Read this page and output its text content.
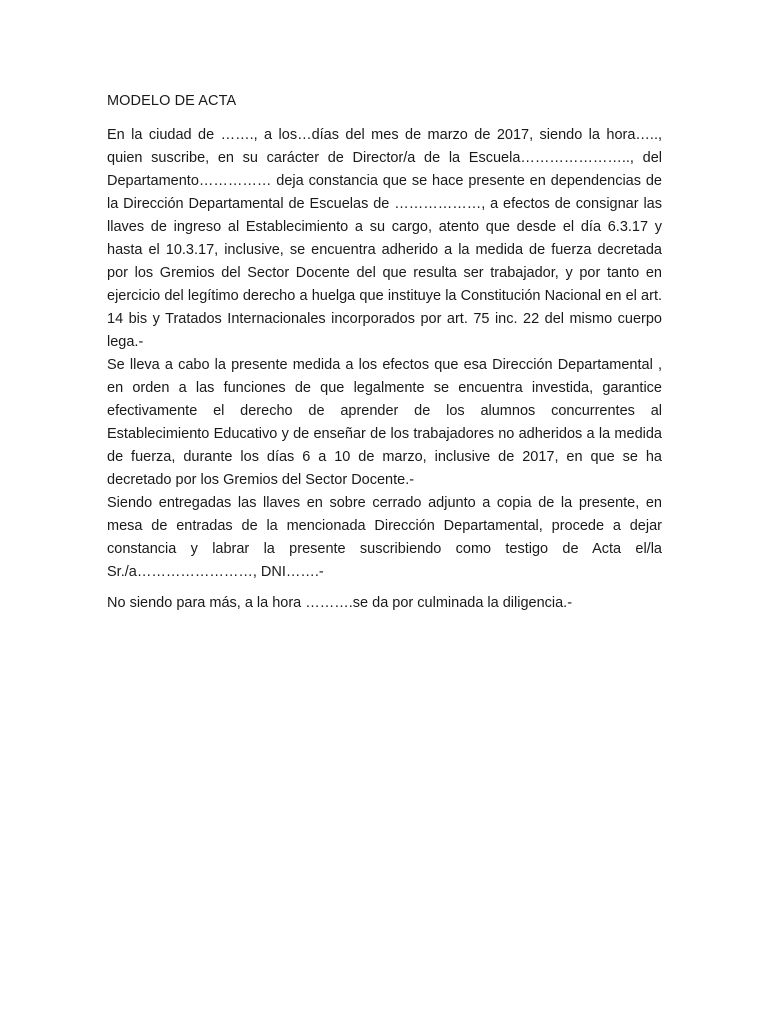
MODELO DE ACTA

En la ciudad de ……., a los…días del mes de marzo de 2017, siendo la hora….., quien suscribe, en su carácter de Director/a de la Escuela………………….., del Departamento…………… deja constancia que se hace presente en dependencias de la Dirección Departamental de Escuelas de ………………, a efectos de consignar las llaves de ingreso al Establecimiento a su cargo, atento que desde el día 6.3.17 y hasta el 10.3.17, inclusive, se encuentra adherido a la medida de fuerza decretada por los Gremios del Sector Docente del que resulta ser trabajador, y por tanto en ejercicio del legítimo derecho a huelga que instituye la Constitución Nacional en el art. 14 bis y Tratados Internacionales incorporados por art. 75 inc. 22 del mismo cuerpo lega.-

Se lleva a cabo la presente medida a los efectos que esa Dirección Departamental , en orden a las funciones de que legalmente se encuentra investida, garantice efectivamente el derecho de aprender de los alumnos concurrentes al Establecimiento Educativo y de enseñar de los trabajadores no adheridos a la medida de fuerza, durante los días 6 a 10 de marzo, inclusive de 2017, en que se ha decretado por los Gremios del Sector Docente.-

Siendo entregadas las llaves en sobre cerrado adjunto a copia de la presente, en mesa de entradas de la mencionada Dirección Departamental, procede a dejar constancia y labrar la presente suscribiendo como testigo de Acta el/la Sr./a……………………, DNI…….-

No siendo para más, a la hora ……….se da por culminada la diligencia.-
